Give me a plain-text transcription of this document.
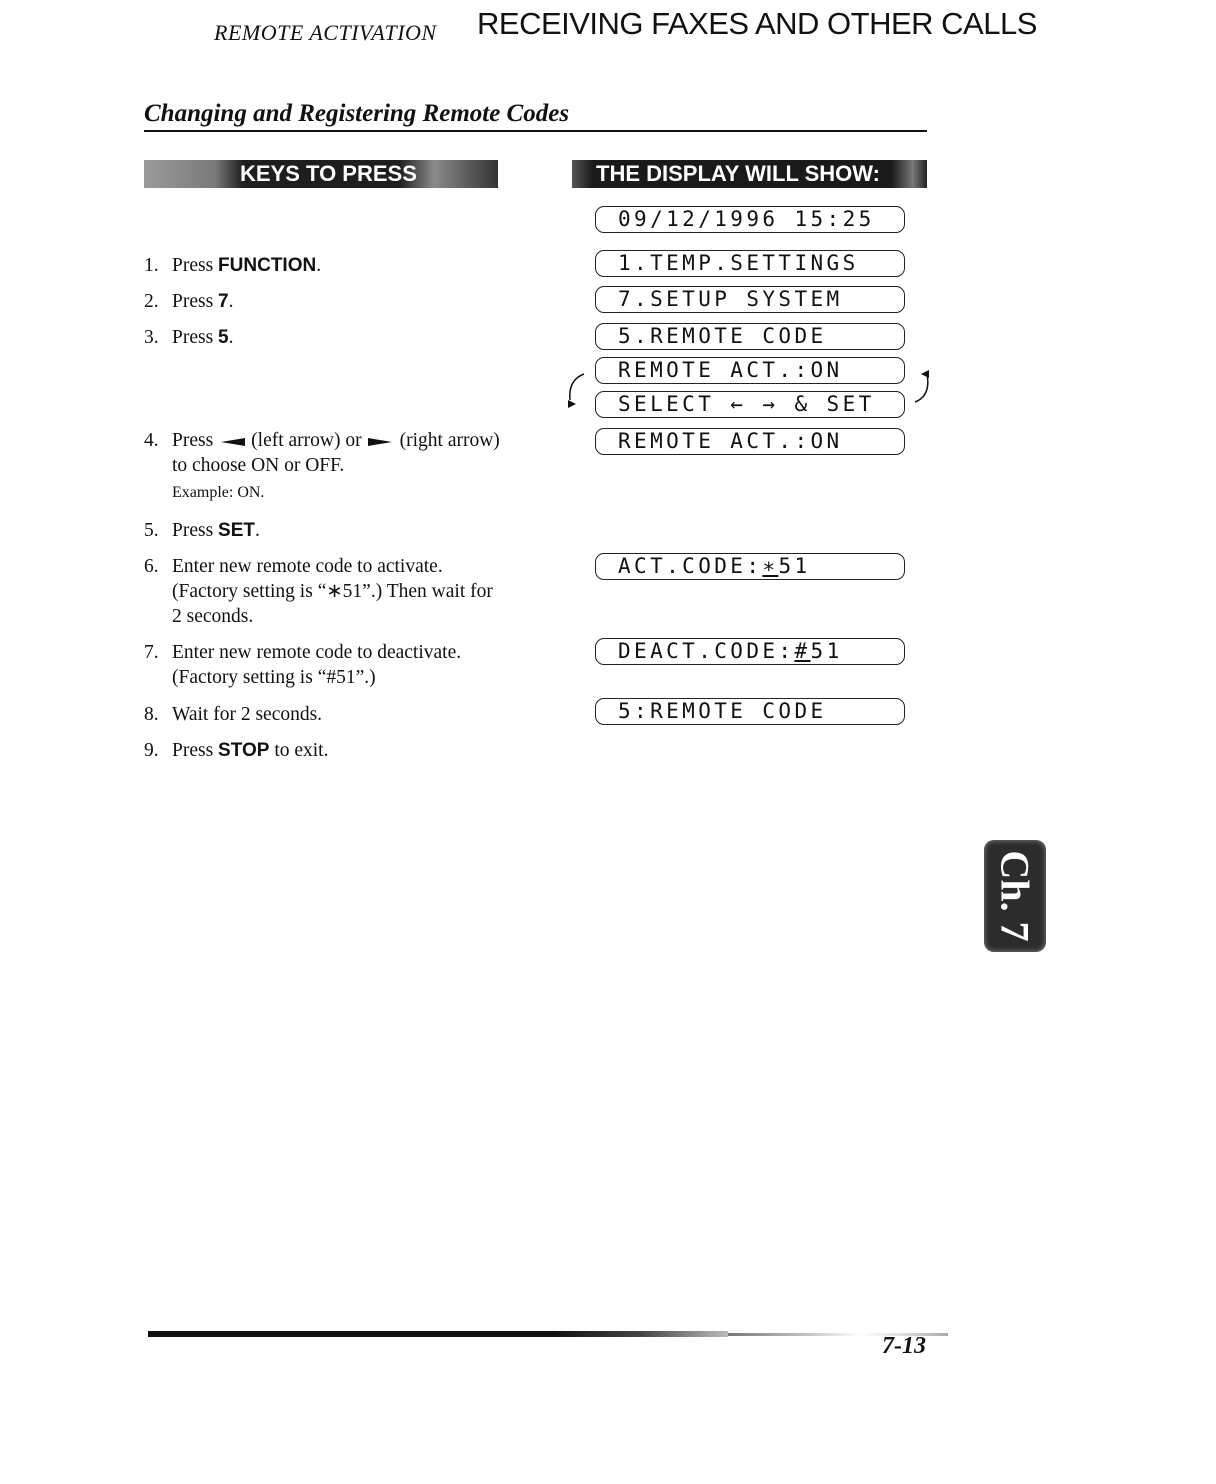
REMOTE ACTIVATION RECEIVING FAXES AND OTHER CALLS
Changing and Registering Remote Codes
KEYS TO PRESS	THE DISPLAY WILL SHOW:
1. Press FUNCTION.
2. Press 7.
3. Press 5.
4. Press (left arrow) or (right arrow) to choose ON or OFF.
Example: ON.
5. Press SET.
6. Enter new remote code to activate. (Factory setting is “∗51”.) Then wait for 2 seconds.
7. Enter new remote code to deactivate. (Factory setting is “#51”.)
8. Wait for 2 seconds.
9. Press STOP to exit.
09/12/1996 15:25
1.TEMP.SETTINGS
7.SETUP SYSTEM
5.REMOTE CODE
REMOTE ACT.:ON
SELECT ← → & SET
REMOTE ACT.:ON
ACT.CODE:∗51
DEACT.CODE:#51
5:REMOTE CODE
Ch. 7
7-13
